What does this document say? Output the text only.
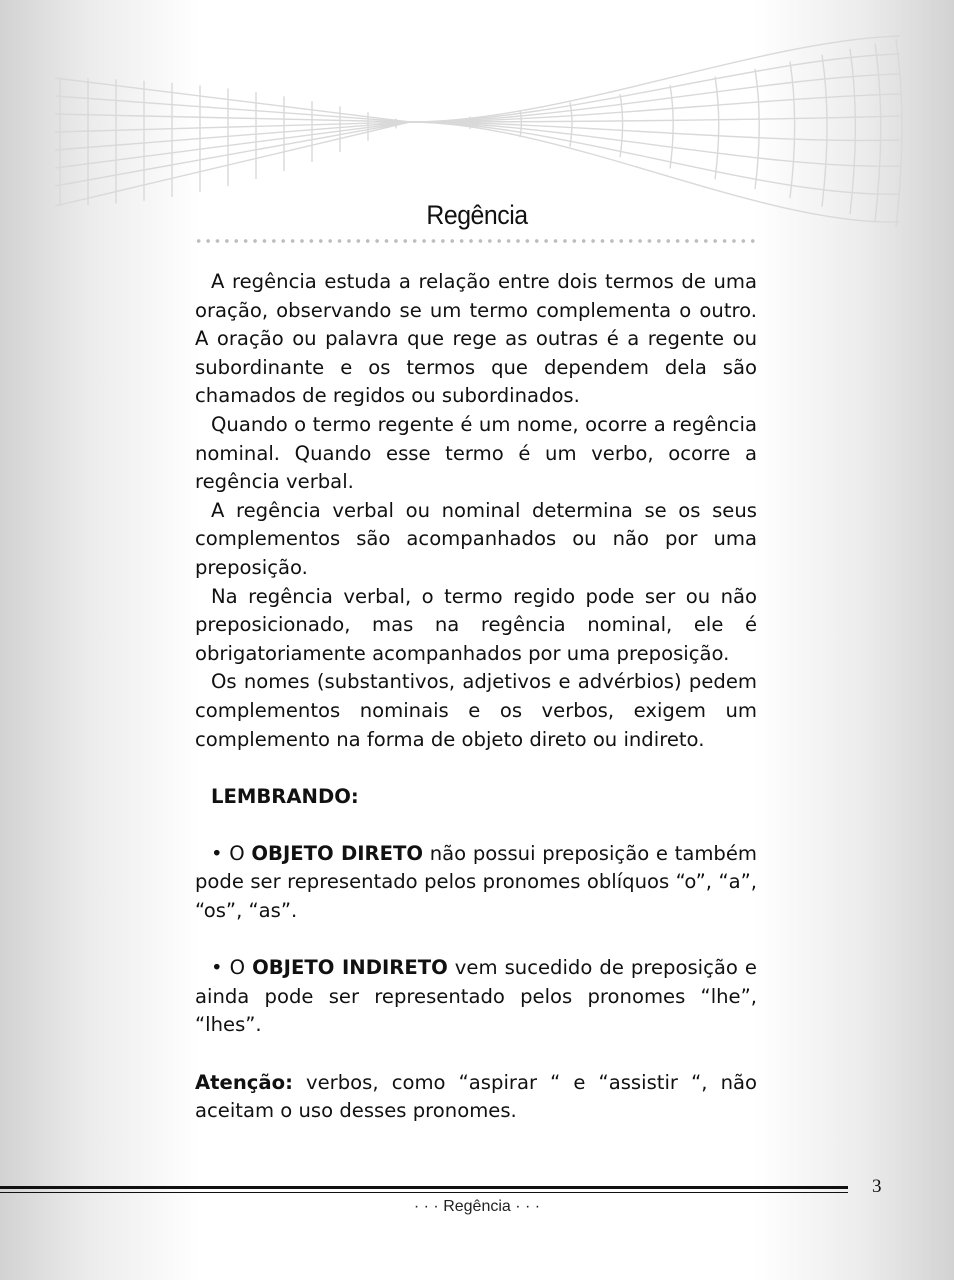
Regência

A regência estuda a relação entre dois termos de uma oração, observando se um termo complementa o outro. A oração ou palavra que rege as outras é a regente ou subordinante e os termos que dependem dela são chamados de regidos ou subordinados.

Quando o termo regente é um nome, ocorre a regência nominal. Quando esse termo é um verbo, ocorre a regência verbal.

A regência verbal ou nominal determina se os seus complementos são acompanhados ou não por uma preposição.

Na regência verbal, o termo regido pode ser ou não preposicionado, mas na regência nominal, ele é obrigatoriamente acompanhados por uma preposição.

Os nomes (substantivos, adjetivos e advérbios) pedem complementos nominais e os verbos, exigem um complemento na forma de objeto direto ou indireto.

LEMBRANDO:

• O OBJETO DIRETO não possui preposição e também pode ser representado pelos pronomes oblíquos “o”, “a”, “os”, “as”.

• O OBJETO INDIRETO vem sucedido de preposição e ainda pode ser representado pelos pronomes “lhe”, “lhes”.

Atenção: verbos, como “aspirar “ e “assistir “, não aceitam o uso desses pronomes.

3
· · · Regência · · ·
